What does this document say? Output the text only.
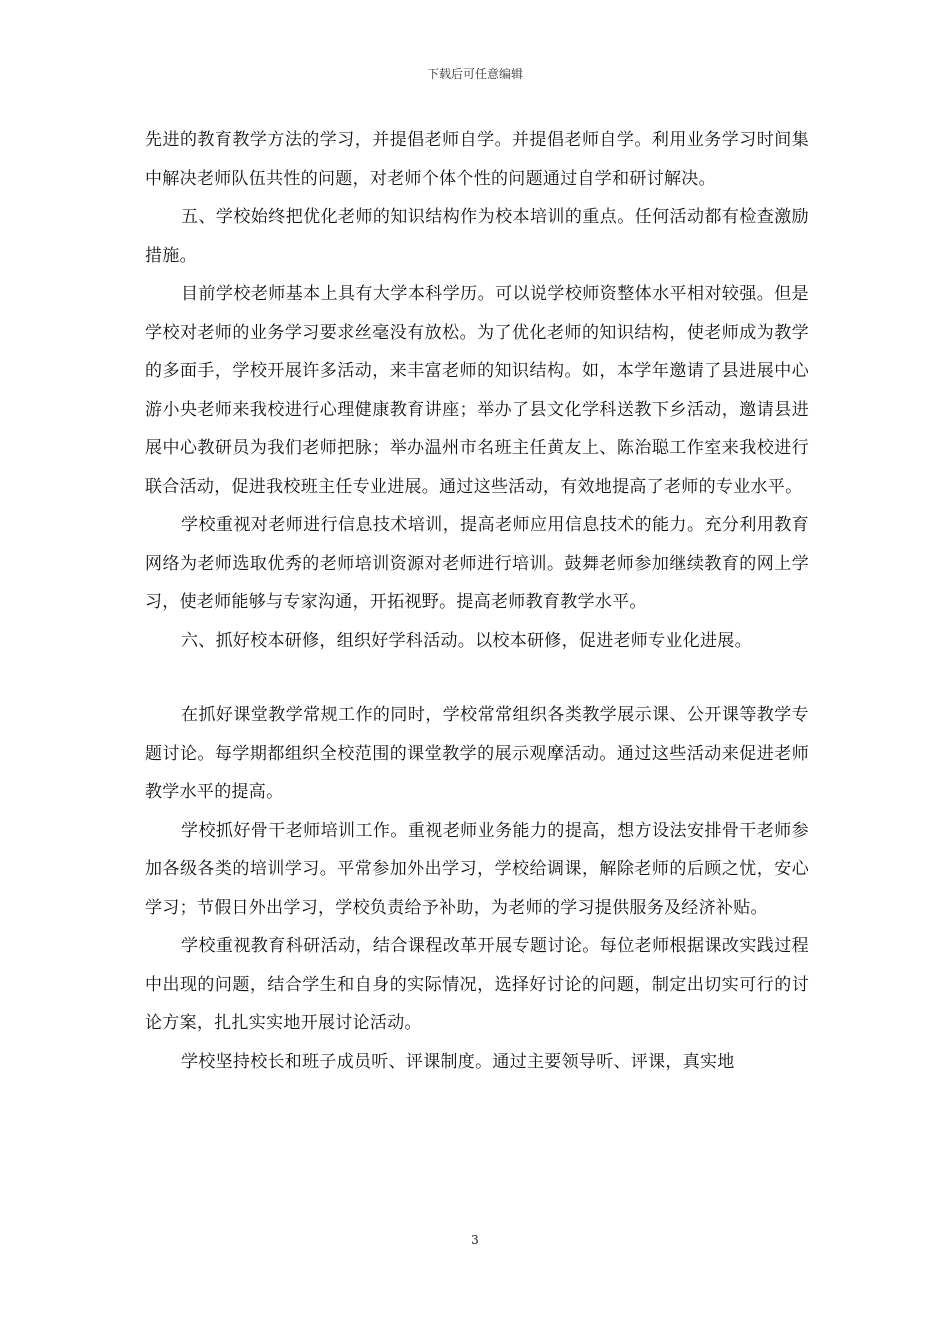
下载后可任意编辑

先进的教育教学方法的学习，并提倡老师自学。并提倡老师自学。利用业务学习时间集中解决老师队伍共性的问题，对老师个体个性的问题通过自学和研讨解决。

五、学校始终把优化老师的知识结构作为校本培训的重点。任何活动都有检查激励措施。

目前学校老师基本上具有大学本科学历。可以说学校师资整体水平相对较强。但是学校对老师的业务学习要求丝毫没有放松。为了优化老师的知识结构，使老师成为教学的多面手，学校开展许多活动，来丰富老师的知识结构。如，本学年邀请了县进展中心游小央老师来我校进行心理健康教育讲座；举办了县文化学科送教下乡活动，邀请县进展中心教研员为我们老师把脉；举办温州市名班主任黄友上、陈治聪工作室来我校进行联合活动，促进我校班主任专业进展。通过这些活动，有效地提高了老师的专业水平。

学校重视对老师进行信息技术培训，提高老师应用信息技术的能力。充分利用教育网络为老师选取优秀的老师培训资源对老师进行培训。鼓舞老师参加继续教育的网上学习，使老师能够与专家沟通，开拓视野。提高老师教育教学水平。

六、抓好校本研修，组织好学科活动。以校本研修，促进老师专业化进展。

在抓好课堂教学常规工作的同时，学校常常组织各类教学展示课、公开课等教学专题讨论。每学期都组织全校范围的课堂教学的展示观摩活动。通过这些活动来促进老师教学水平的提高。

学校抓好骨干老师培训工作。重视老师业务能力的提高，想方设法安排骨干老师参加各级各类的培训学习。平常参加外出学习，学校给调课，解除老师的后顾之忧，安心学习；节假日外出学习，学校负责给予补助，为老师的学习提供服务及经济补贴。

学校重视教育科研活动，结合课程改革开展专题讨论。每位老师根据课改实践过程中出现的问题，结合学生和自身的实际情况，选择好讨论的问题，制定出切实可行的讨论方案，扎扎实实地开展讨论活动。

学校坚持校长和班子成员听、评课制度。通过主要领导听、评课，真实地

3
